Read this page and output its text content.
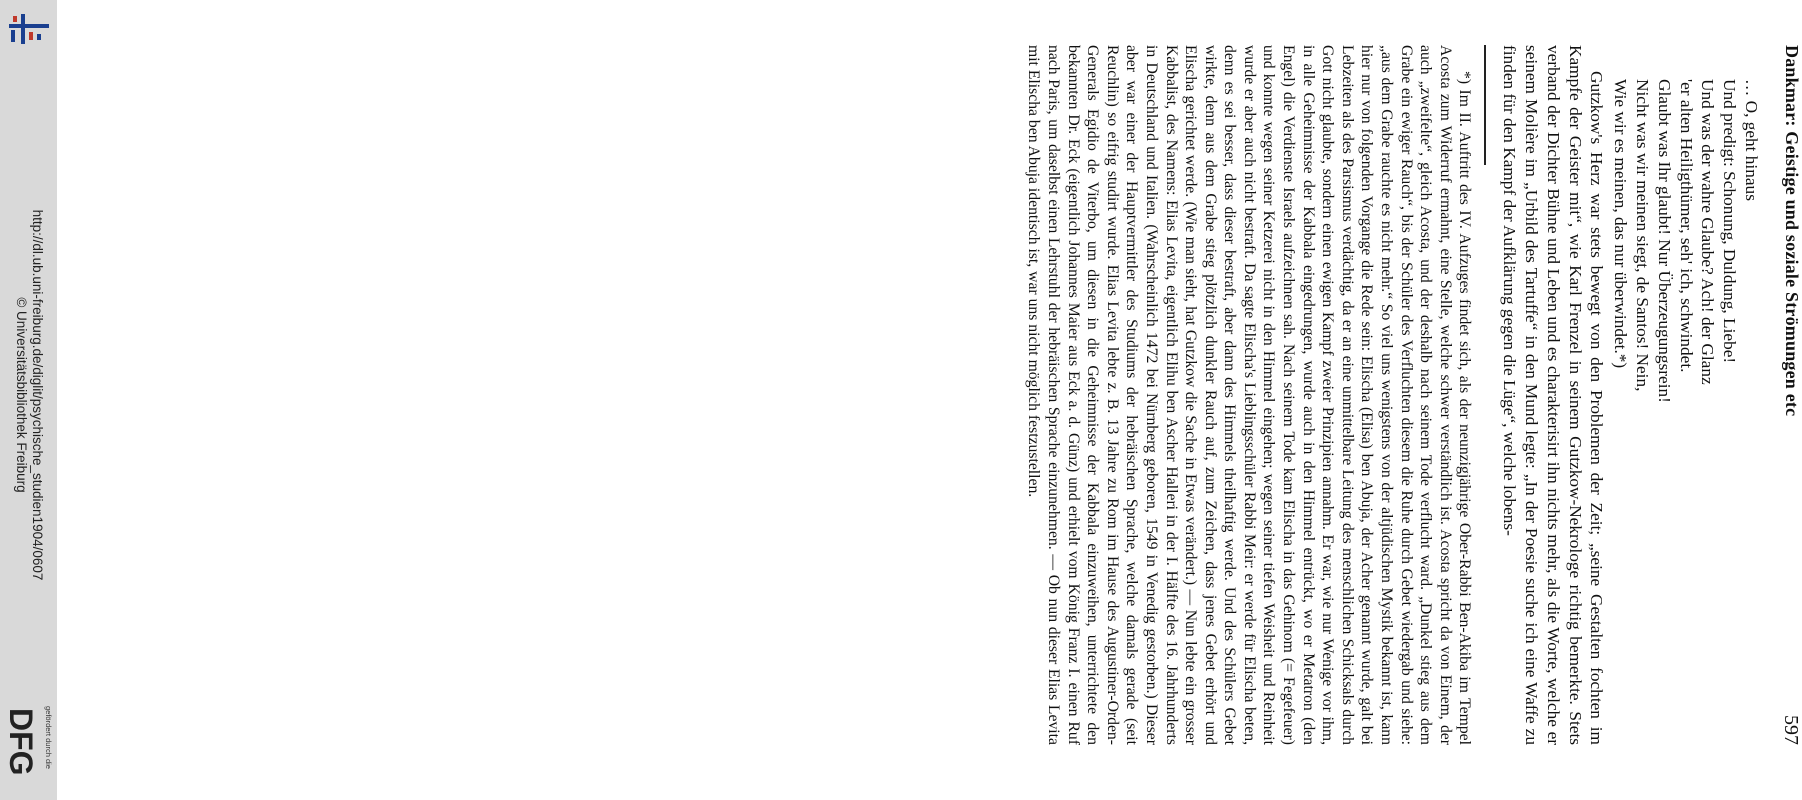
http://dl.ub.uni-freiburg.de/diglit/psychische_studien1904/0607
© Universitätsbibliothek Freiburg
gefördert durch die
DFG
Dankmar: Geistige und soziale Strömungen etc
597
… O, geht hinaus
Und predigt: Schonung, Duldung, Liebe!
Und was der wahre Glaube? Ach! der Glanz
'er alten Heiligthümer, seh' ich, schwindet.
Glaubt was Ihr glaubt! Nur Überzeugungsrein!
Nicht was wir meinen siegt, de Santos! Nein,
Wie wir es meinen, das nur überwindet.*)

Gutzkow's Herz war stets bewegt von den Problemen der Zeit; „seine Gestalten fochten im Kampfe der Geister mit“, wie Karl Frenzel in seinem Gutzkow-Nekrologe richtig bemerkte. Stets verband der Dichter Bühne und Leben und es charakterisirt ihn nichts mehr, als die Worte, welche er seinem Molière im „Urbild des Tartuffe“ in den Mund legte: „In der Poesie suche ich eine Waffe zu finden für den Kampf der Aufklärung gegen die Lüge“, welche lobens-

*) Im II. Auftritt des IV. Aufzuges findet sich, als der neunzigjährige Ober-Rabbi Ben-Akiba im Tempel Acosta zum Widerruf ermahnt, eine Stelle, welche schwer verständlich ist. Acosta spricht da von Einem, der auch „zweifelte“, gleich Acosta, und der deshalb nach seinem Tode verflucht ward. „Dunkel stieg aus dem Grabe ein ewiger Rauch“, bis der Schüler des Verfluchten diesem die Ruhe durch Gebet wiedergab und siehe: „aus dem Grabe rauchte es nicht mehr.“ So viel uns wenigstens von der altjüdischen Mystik bekannt ist, kann hier nur von folgenden Vorgange die Rede sein: Elischa (Elisa) ben Abuja, der Acher genannt wurde, galt bei Lebzeiten als des Parsismus verdächtig, da er an eine unmittelbare Leitung des menschlichen Schicksals durch Gott nicht glaubte, sondern einen ewigen Kampf zweier Prinzipien annahm. Er war, wie nur Wenige vor ihm, in alle Geheimnisse der Kabbala eingedrungen, wurde auch in den Himmel entrückt, wo er Metatron (den Engel) die Verdienste Israels aufzeichnen sah. Nach seinem Tode kam Elischa in das Gehinom (= Fegefeuer) und konnte wegen seiner Ketzerei nicht in den Himmel eingehen; wegen seiner tiefen Weisheit und Reinheit wurde er aber auch nicht bestraft. Da sagte Elischa's Lieblingsschüler Rabbi Meir: er werde für Elischa beten, denn es sei besser, dass dieser bestraft, aber dann des Himmels theilhaftig werde. Und des Schülers Gebet wirkte, denn aus dem Grabe stieg plötzlich dunkler Rauch auf, zum Zeichen, dass jenes Gebet erhört und Elischa gerichtet werde. (Wie man sieht, hat Gutzkow die Sache in Etwas verändert.) — Nun lebte ein grosser Kabbalist, des Namens: Elias Levita, eigentlich Elihu ben Ascher Halleri in der I. Hälfte des 16. Jahrhunderts in Deutschland und Italien. (Wahrscheinlich 1472 bei Nürnberg geboren, 1549 in Venedig gestorben.) Dieser aber war einer der Hauptvermittler des Studiums der hebräischen Sprache, welche damals gerade (seit Reuchlin) so eifrig studirt wurde. Elias Levita lebte z. B. 13 Jahre zu Rom im Hause des Augustiner-Orden-Generals Egidio de Viterbo, um diesen in die Geheimnisse der Kabbala einzuweihen, unterrichtete den bekannten Dr. Eck (eigentlich Johannes Maier aus Eck a. d. Günz) und erhielt vom König Franz I. einen Ruf nach Paris, um daselbst einen Lehrstuhl der hebräischen Sprache einzunehmen. — Ob nun dieser Elias Levita mit Elischa ben Abuja identisch ist, war uns nicht möglich festzustellen.
